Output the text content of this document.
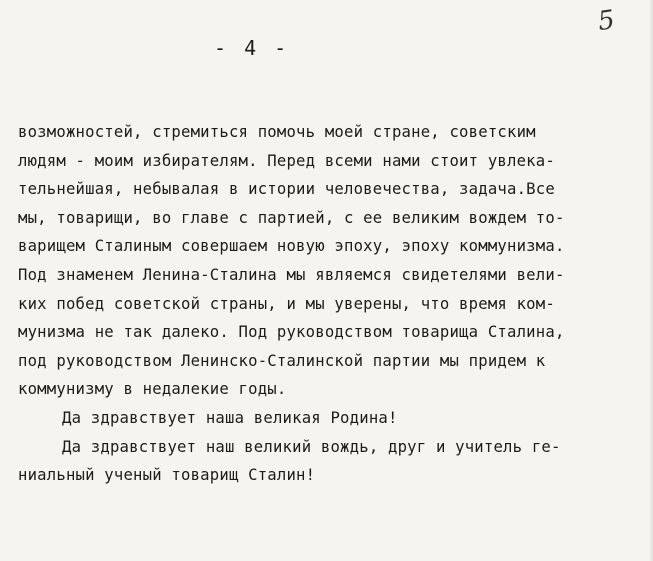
5
- 4 -
возможностей, стремиться помочь моей стране, советским
людям - моим избирателям. Перед всеми нами стоит увлека-
тельнейшая, небывалая в истории человечества, задача.Все
мы, товарищи, во главе с партией, с ее великим вождем то-
варищем Сталиным совершаем новую эпоху, эпоху коммунизма.
Под знаменем Ленина-Сталина мы являемся свидетелями вели-
ких побед советской страны, и мы уверены, что время ком-
мунизма не так далеко. Под руководством товарища Сталина,
под руководством Ленинско-Сталинской партии мы придем к
коммунизму в недалекие годы.
Да здравствует наша великая Родина!
Да здравствует наш великий вождь, друг и учитель ге-
ниальный ученый товарищ Сталин!
